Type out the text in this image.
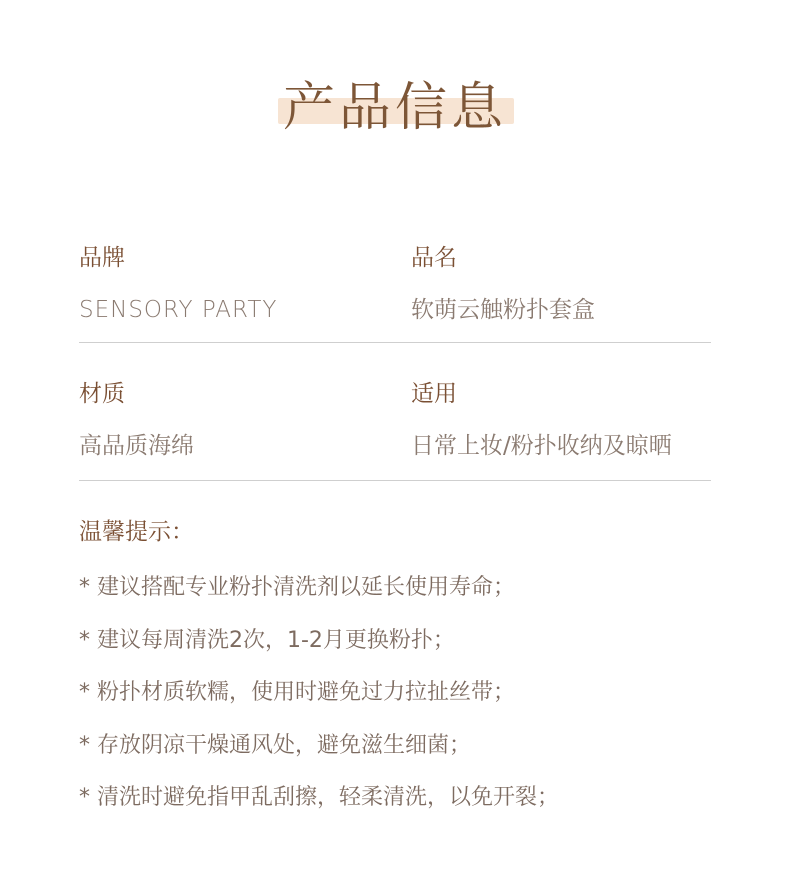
产品信息
品牌
SENSORY PARTY
品名
软萌云触粉扑套盒
材质
高品质海绵
适用
日常上妆/粉扑收纳及晾晒
温馨提示：
* 建议搭配专业粉扑清洗剂以延长使用寿命；
* 建议每周清洗2次，1-2月更换粉扑；
* 粉扑材质软糯，使用时避免过力拉扯丝带；
* 存放阴凉干燥通风处，避免滋生细菌；
* 清洗时避免指甲乱刮擦，轻柔清洗，以免开裂；
